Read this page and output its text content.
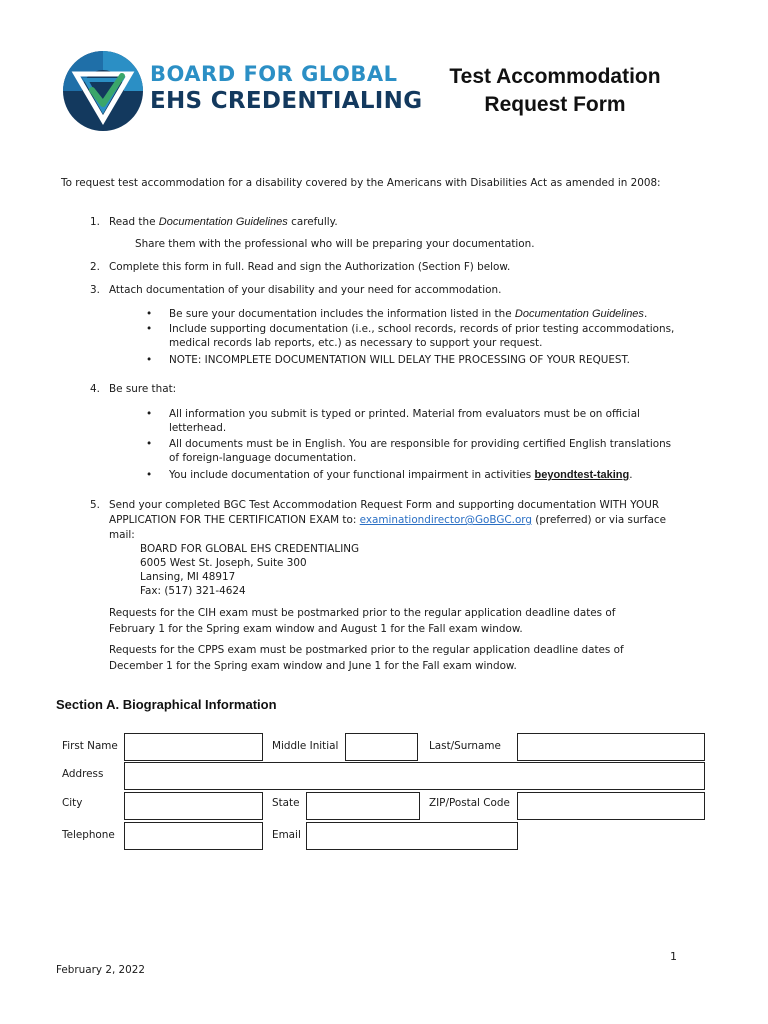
BOARD FOR GLOBAL
EHS CREDENTIALING
Test Accommodation
Request Form
To request test accommodation for a disability covered by the Americans with Disabilities Act as amended in 2008:
1. Read the Documentation Guidelines carefully.
Share them with the professional who will be preparing your documentation.
2. Complete this form in full. Read and sign the Authorization (Section F) below.
3. Attach documentation of your disability and your need for accommodation.
• Be sure your documentation includes the information listed in the Documentation Guidelines.
• Include supporting documentation (i.e., school records, records of prior testing accommodations,
medical records lab reports, etc.) as necessary to support your request.
• NOTE: INCOMPLETE DOCUMENTATION WILL DELAY THE PROCESSING OF YOUR REQUEST.
4. Be sure that:
• All information you submit is typed or printed. Material from evaluators must be on official
letterhead.
• All documents must be in English. You are responsible for providing certified English translations
of foreign-language documentation.
• You include documentation of your functional impairment in activities beyondtest-taking.
5. Send your completed BGC Test Accommodation Request Form and supporting documentation WITH YOUR
APPLICATION FOR THE CERTIFICATION EXAM to: examinationdirector@GoBGC.org (preferred) or via surface
mail:
BOARD FOR GLOBAL EHS CREDENTIALING
6005 West St. Joseph, Suite 300
Lansing, MI 48917
Fax: (517) 321-4624
Requests for the CIH exam must be postmarked prior to the regular application deadline dates of
February 1 for the Spring exam window and August 1 for the Fall exam window.
Requests for the CPPS exam must be postmarked prior to the regular application deadline dates of
December 1 for the Spring exam window and June 1 for the Fall exam window.
Section A. Biographical Information
First Name	Middle Initial	Last/Surname
Address
City	State	ZIP/Postal Code
Telephone	Email
1
February 2, 2022
